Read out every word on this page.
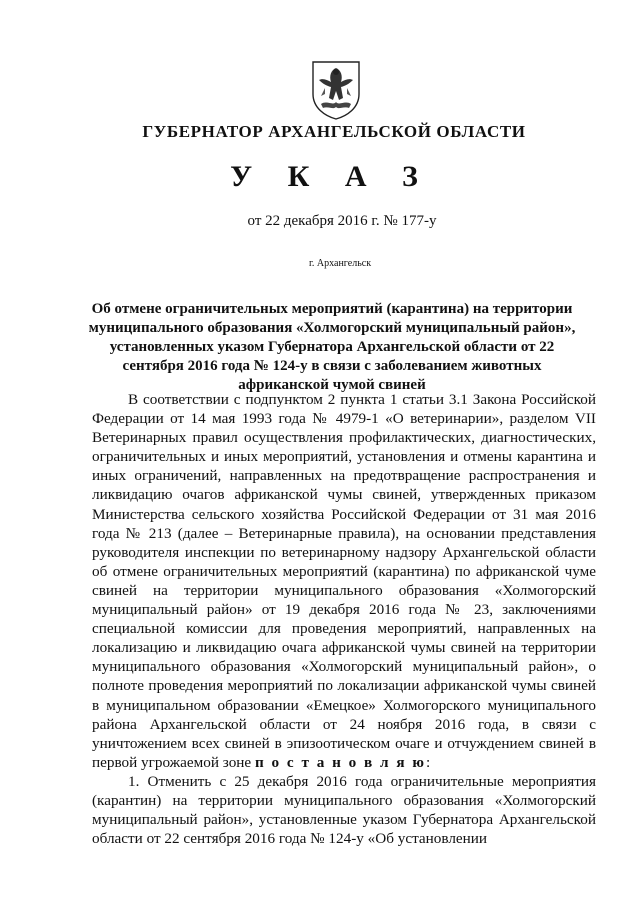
ГУБЕРНАТОР АРХАНГЕЛЬСКОЙ ОБЛАСТИ
У К А З
от 22 декабря 2016 г. № 177-у
г. Архангельск

Об отмене ограничительных мероприятий (карантина) на территории муниципального образования «Холмогорский муниципальный район», установленных указом Губернатора Архангельской области от 22 сентября 2016 года № 124-у в связи с заболеванием животных африканской чумой свиней

В соответствии с подпунктом 2 пункта 1 статьи 3.1 Закона Российской Федерации от 14 мая 1993 года № 4979-1 «О ветеринарии», разделом VII Ветеринарных правил осуществления профилактических, диагностических, ограничительных и иных мероприятий, установления и отмены карантина и иных ограничений, направленных на предотвращение распространения и ликвидацию очагов африканской чумы свиней, утвержденных приказом Министерства сельского хозяйства Российской Федерации от 31 мая 2016 года № 213 (далее – Ветеринарные правила), на основании представления руководителя инспекции по ветеринарному надзору Архангельской области об отмене ограничительных мероприятий (карантина) по африканской чуме свиней на территории муниципального образования «Холмогорский муниципальный район» от 19 декабря 2016 года № 23, заключениями специальной комиссии для проведения мероприятий, направленных на локализацию и ликвидацию очага африканской чумы свиней на территории муниципального образования «Холмогорский муниципальный район», о полноте проведения мероприятий по локализации африканской чумы свиней в муниципальном образовании «Емецкое» Холмогорского муниципального района Архангельской области от 24 ноября 2016 года, в связи с уничтожением всех свиней в эпизоотическом очаге и отчуждением свиней в первой угрожаемой зоне п о с т а н о в л я ю:

1. Отменить с 25 декабря 2016 года ограничительные мероприятия (карантин) на территории муниципального образования «Холмогорский муниципальный район», установленные указом Губернатора Архангельской области от 22 сентября 2016 года № 124-у «Об установлении
